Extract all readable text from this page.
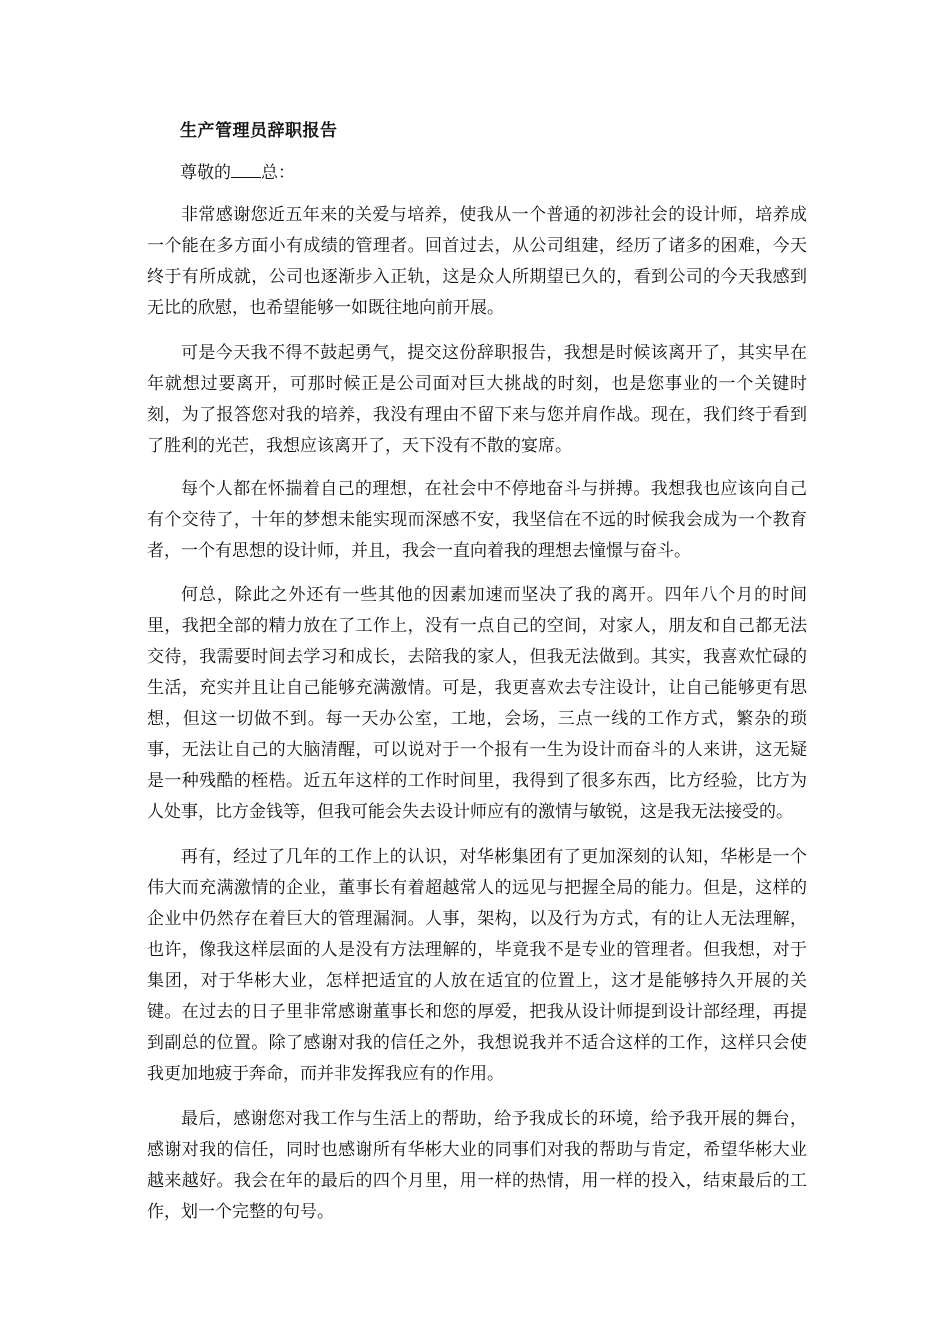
生产管理员辞职报告
尊敬的 总：

非常感谢您近五年来的关爱与培养，使我从一个普通的初涉社会的设计师，培养成一个能在多方面小有成绩的管理者。回首过去，从公司组建，经历了诸多的困难，今天终于有所成就，公司也逐渐步入正轨，这是众人所期望已久的，看到公司的今天我感到无比的欣慰，也希望能够一如既往地向前开展。

可是今天我不得不鼓起勇气，提交这份辞职报告，我想是时候该离开了，其实早在年就想过要离开，可那时候正是公司面对巨大挑战的时刻，也是您事业的一个关键时刻，为了报答您对我的培养，我没有理由不留下来与您并肩作战。现在，我们终于看到了胜利的光芒，我想应该离开了，天下没有不散的宴席。

每个人都在怀揣着自己的理想，在社会中不停地奋斗与拼搏。我想我也应该向自己有个交待了，十年的梦想未能实现而深感不安，我坚信在不远的时候我会成为一个教育者，一个有思想的设计师，并且，我会一直向着我的理想去憧憬与奋斗。

何总，除此之外还有一些其他的因素加速而坚决了我的离开。四年八个月的时间里，我把全部的精力放在了工作上，没有一点自己的空间，对家人，朋友和自己都无法交待，我需要时间去学习和成长，去陪我的家人，但我无法做到。其实，我喜欢忙碌的生活，充实并且让自己能够充满激情。可是，我更喜欢去专注设计，让自己能够更有思想，但这一切做不到。每一天办公室，工地，会场，三点一线的工作方式，繁杂的琐事，无法让自己的大脑清醒，可以说对于一个报有一生为设计而奋斗的人来讲，这无疑是一种残酷的桎梏。近五年这样的工作时间里，我得到了很多东西，比方经验，比方为人处事，比方金钱等，但我可能会失去设计师应有的激情与敏锐，这是我无法接受的。

再有，经过了几年的工作上的认识，对华彬集团有了更加深刻的认知，华彬是一个伟大而充满激情的企业，董事长有着超越常人的远见与把握全局的能力。但是，这样的企业中仍然存在着巨大的管理漏洞。人事，架构，以及行为方式，有的让人无法理解，也许，像我这样层面的人是没有方法理解的，毕竟我不是专业的管理者。但我想，对于集团，对于华彬大业，怎样把适宜的人放在适宜的位置上，这才是能够持久开展的关键。在过去的日子里非常感谢董事长和您的厚爱，把我从设计师提到设计部经理，再提到副总的位置。除了感谢对我的信任之外，我想说我并不适合这样的工作，这样只会使我更加地疲于奔命，而并非发挥我应有的作用。

最后，感谢您对我工作与生活上的帮助，给予我成长的环境，给予我开展的舞台，感谢对我的信任，同时也感谢所有华彬大业的同事们对我的帮助与肯定，希望华彬大业越来越好。我会在年的最后的四个月里，用一样的热情，用一样的投入，结束最后的工作，划一个完整的句号。
